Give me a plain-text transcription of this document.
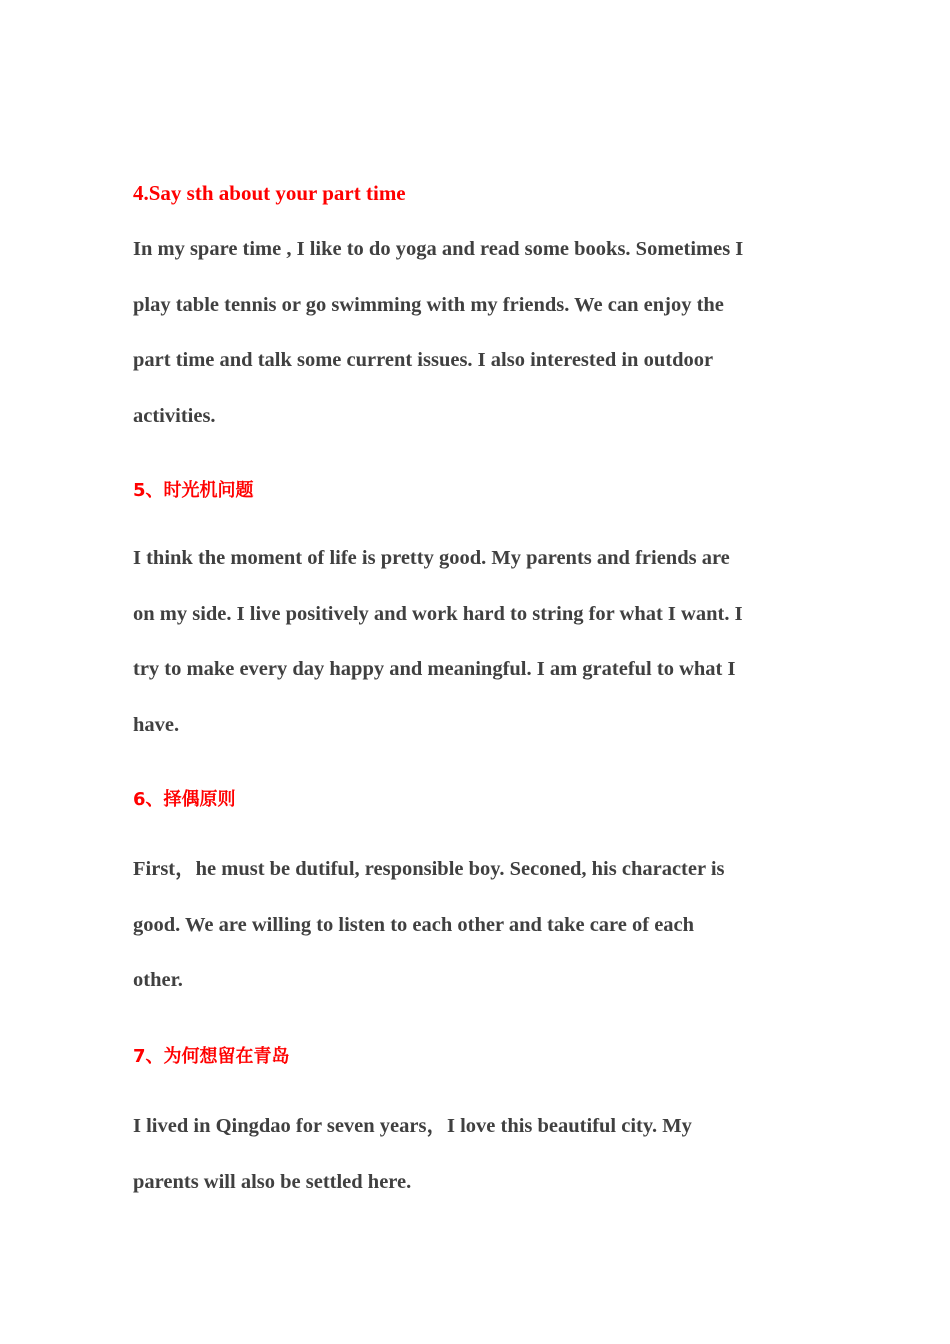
4.Say sth about your part time
In my spare time , I like to do yoga and read some books. Sometimes I
play table tennis or go swimming with my friends. We can enjoy the
part time and talk some current issues. I also interested in outdoor
activities.
5、时光机问题
I think the moment of life is pretty good. My parents and friends are
on my side. I live positively and work hard to string for what I want. I
try to make every day happy and meaningful. I am grateful to what I
have.
6、择偶原则
First，he must be dutiful, responsible boy. Seconed, his character is
good. We are willing to listen to each other and take care of each
other.
7、为何想留在青岛
I lived in Qingdao for seven years，I love this beautiful city. My
parents will also be settled here.
